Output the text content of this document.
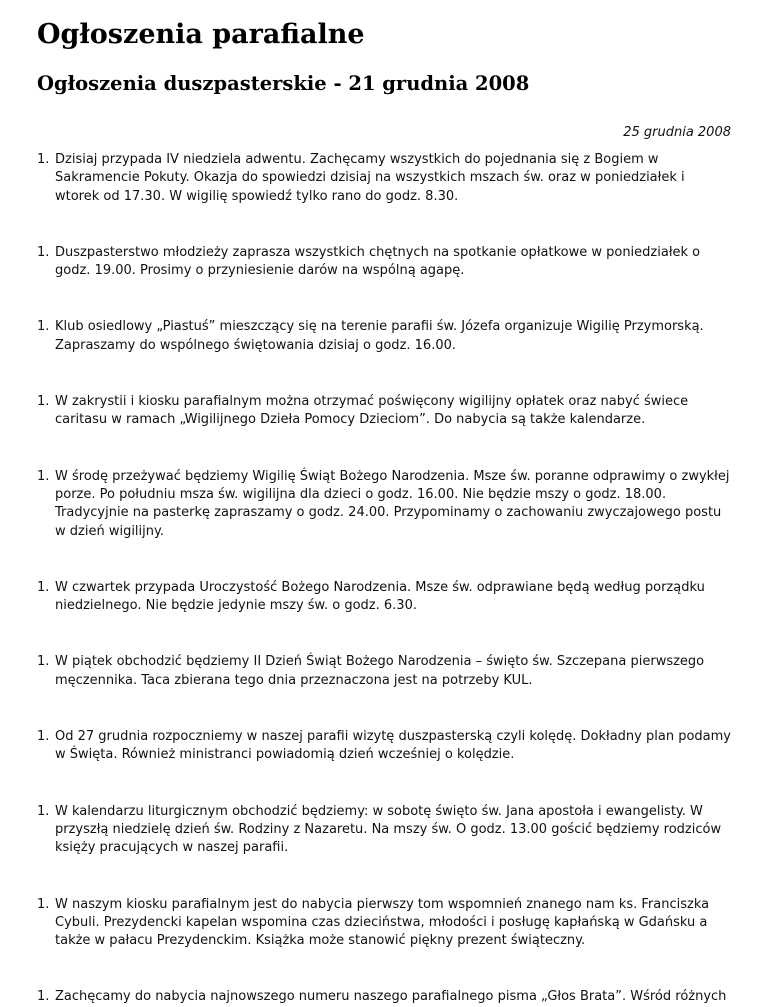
Ogłoszenia parafialne
Ogłoszenia duszpasterskie - 21 grudnia 2008
25 grudnia 2008
1. Dzisiaj przypada IV niedziela adwentu. Zachęcamy wszystkich do pojednania się z Bogiem w Sakramencie Pokuty. Okazja do spowiedzi dzisiaj na wszystkich mszach św. oraz w poniedziałek i wtorek od 17.30. W wigilię spowiedź tylko rano do godz. 8.30.
1. Duszpasterstwo młodzieży zaprasza wszystkich chętnych na spotkanie opłatkowe w poniedziałek o godz. 19.00. Prosimy o przyniesienie darów na wspólną agapę.
1. Klub osiedlowy „Piastuś” mieszczący się na terenie parafii św. Józefa organizuje Wigilię Przymorską. Zapraszamy do wspólnego świętowania dzisiaj o godz. 16.00.
1. W zakrystii i kiosku parafialnym można otrzymać poświęcony wigilijny opłatek oraz nabyć świece caritasu w ramach „Wigilijnego Dzieła Pomocy Dzieciom”. Do nabycia są także kalendarze.
1. W środę przeżywać będziemy Wigilię Świąt Bożego Narodzenia. Msze św. poranne odprawimy o zwykłej porze. Po południu msza św. wigilijna dla dzieci o godz. 16.00. Nie będzie mszy o godz. 18.00. Tradycyjnie na pasterkę zapraszamy o godz. 24.00. Przypominamy o zachowaniu zwyczajowego postu w dzień wigilijny.
1. W czwartek przypada Uroczystość Bożego Narodzenia. Msze św. odprawiane będą według porządku niedzielnego. Nie będzie jedynie mszy św. o godz. 6.30.
1. W piątek obchodzić będziemy II Dzień Świąt Bożego Narodzenia – święto św. Szczepana pierwszego męczennika. Taca zbierana tego dnia przeznaczona jest na potrzeby KUL.
1. Od 27 grudnia rozpoczniemy w naszej parafii wizytę duszpasterską czyli kolędę. Dokładny plan podamy w Święta. Również ministranci powiadomią dzień wcześniej o kolędzie.
1. W kalendarzu liturgicznym obchodzić będziemy: w sobotę święto św. Jana apostoła i ewangelisty. W przyszłą niedzielę dzień św. Rodziny z Nazaretu. Na mszy św. O godz. 13.00 gościć będziemy rodziców księży pracujących w naszej parafii.
1. W naszym kiosku parafialnym jest do nabycia pierwszy tom wspomnień znanego nam ks. Franciszka Cybuli. Prezydencki kapelan wspomina czas dzieciństwa, młodości i posługę kapłańską w Gdańsku a także w pałacu Prezydenckim. Książka może stanowić piękny prezent świąteczny.
1. Zachęcamy do nabycia najnowszego numeru naszego parafialnego pisma „Głos Brata”. Wśród różnych
